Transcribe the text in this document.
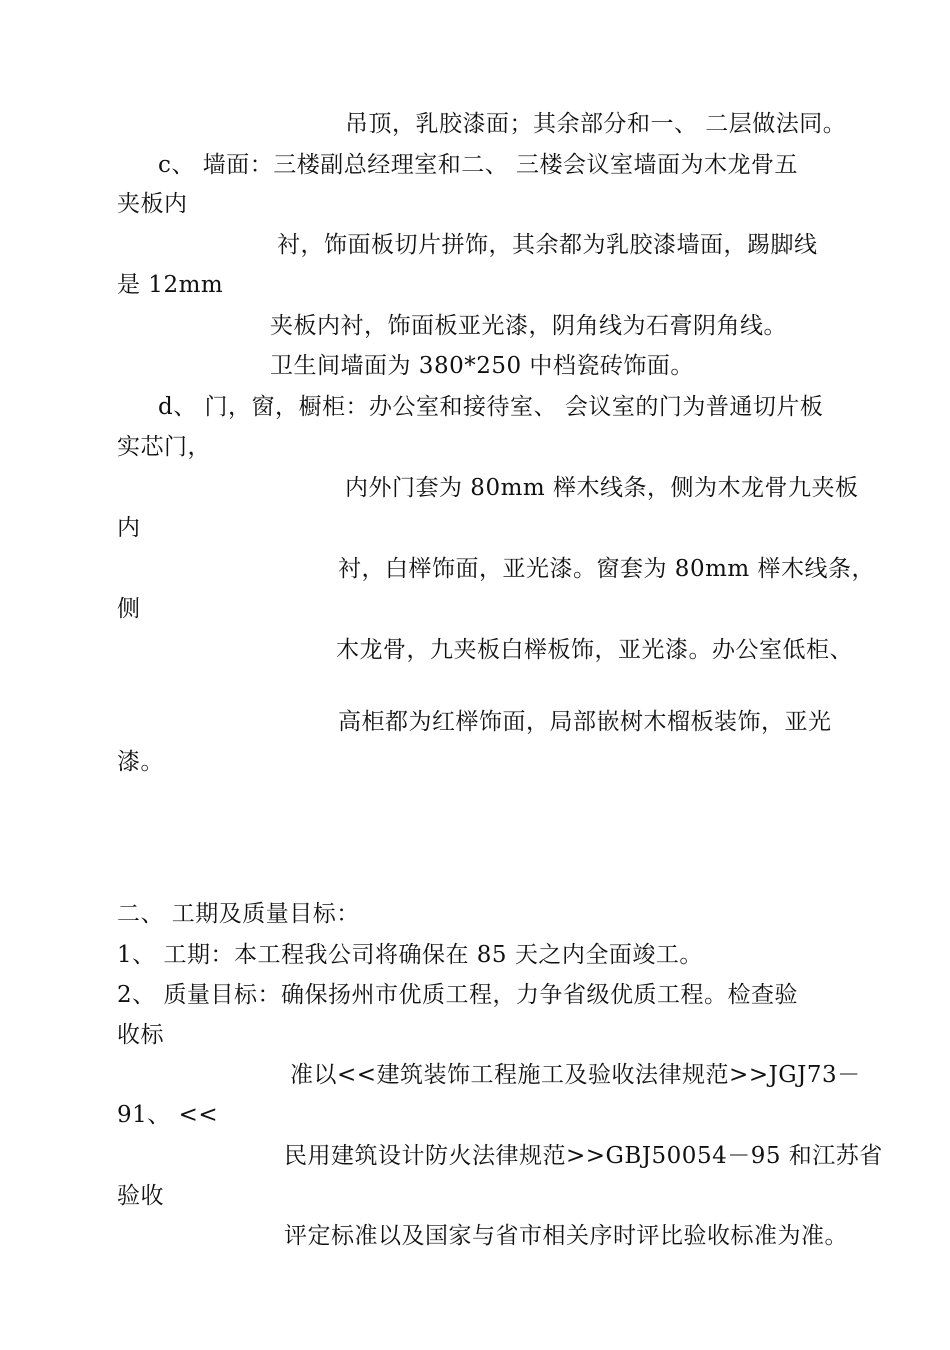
吊顶，乳胶漆面；其余部分和一、 二层做法同。
c、 墙面：三楼副总经理室和二、 三楼会议室墙面为木龙骨五
夹板内
衬，饰面板切片拼饰，其余都为乳胶漆墙面，踢脚线
是 12mm
夹板内衬，饰面板亚光漆，阴角线为石膏阴角线。
卫生间墙面为 380*250 中档瓷砖饰面。
d、 门，窗，橱柜：办公室和接待室、 会议室的门为普通切片板
实芯门，
内外门套为 80mm 榉木线条，侧为木龙骨九夹板
内
衬，白榉饰面，亚光漆。窗套为 80mm 榉木线条，
侧
木龙骨，九夹板白榉板饰，亚光漆。办公室低柜、
高柜都为红榉饰面，局部嵌树木榴板装饰，亚光
漆。
二、 工期及质量目标：
1、 工期：本工程我公司将确保在 85 天之内全面竣工。
2、 质量目标：确保扬州市优质工程，力争省级优质工程。检查验
收标
准以<<建筑装饰工程施工及验收法律规范>>JGJ73－
91、 <<
民用建筑设计防火法律规范>>GBJ50054－95 和江苏省
验收
评定标准以及国家与省市相关序时评比验收标准为准。
